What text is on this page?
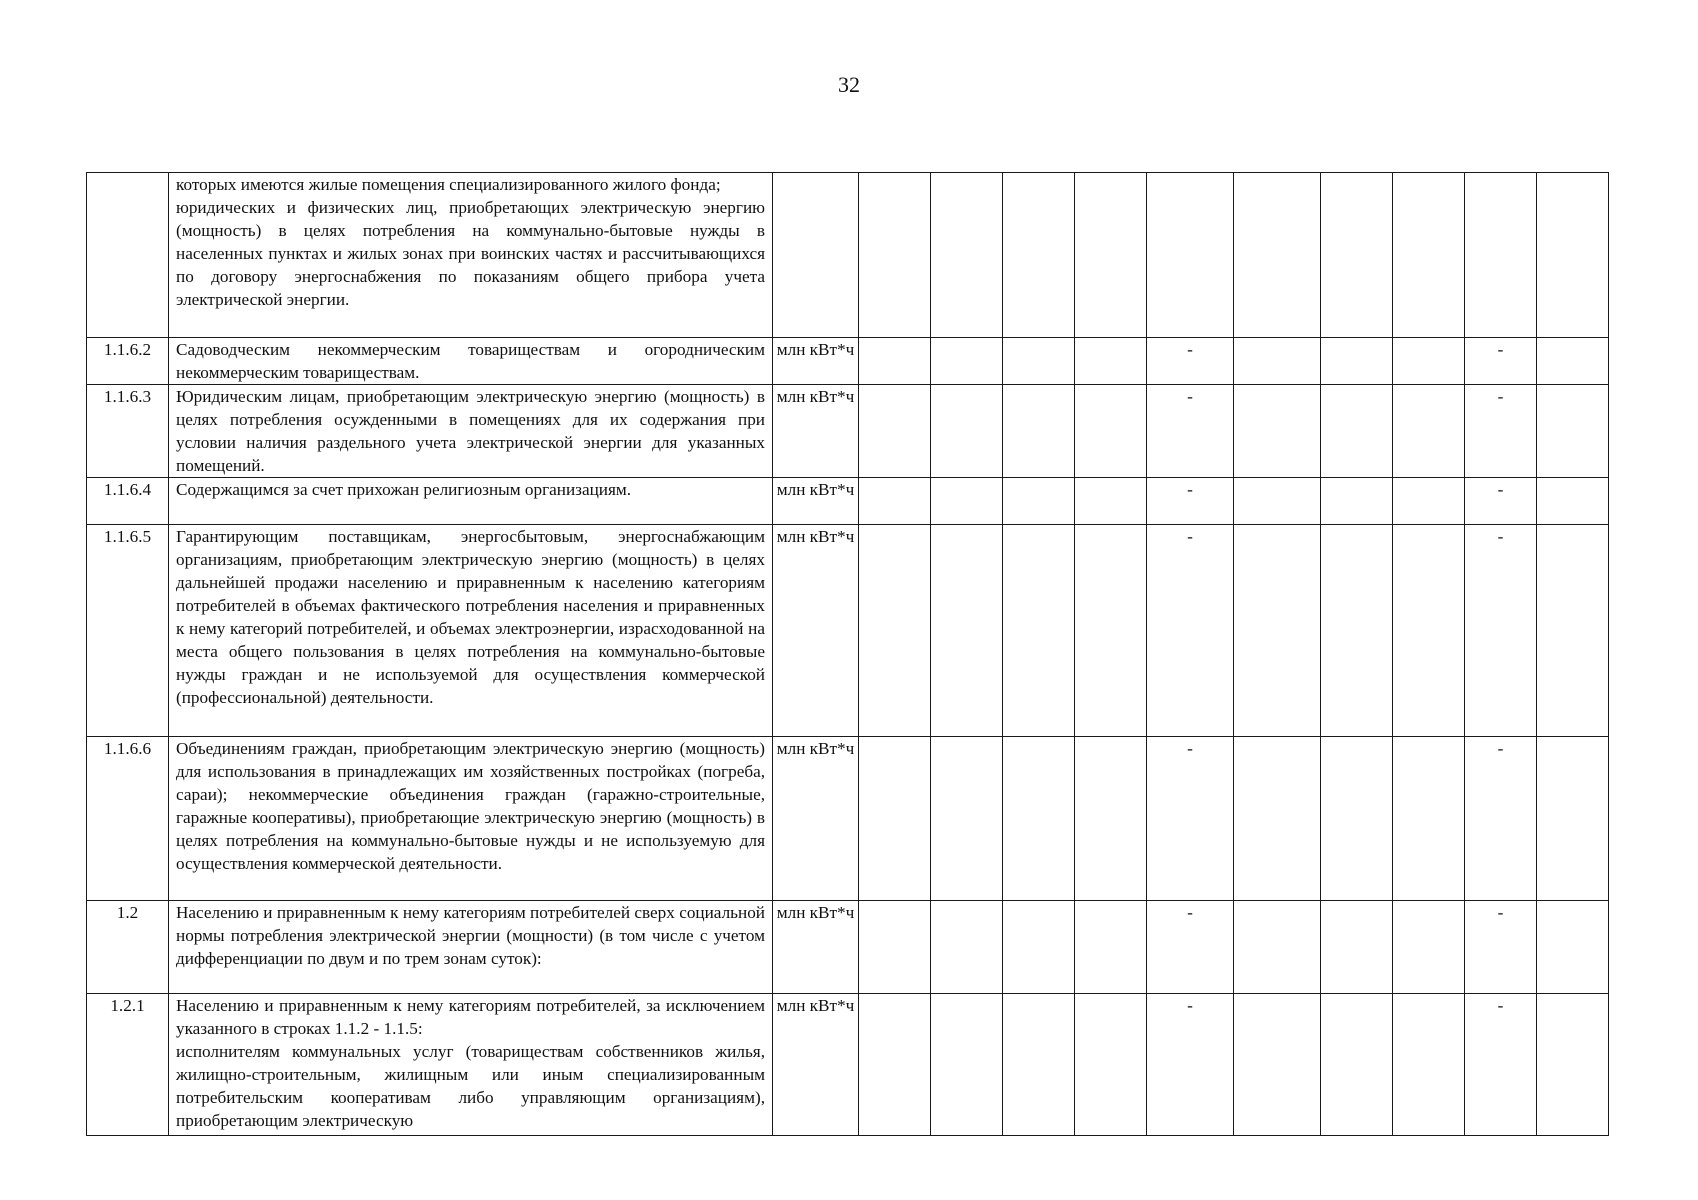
32

	которых имеются жилые помещения специализированного жилого фонда;

юридических и физических лиц, приобретающих электрическую энергию (мощность) в целях потребления на коммунально-бытовые нужды в населенных пунктах и жилых зонах при воинских частях и рассчитывающихся по договору энергоснабжения по показаниям общего прибора учета электрической энергии.											

1.1.6.2	Садоводческим некоммерческим товариществам и огородническим некоммерческим товариществам.	млн кВт*ч					-				-	
1.1.6.3	Юридическим лицам, приобретающим электрическую энергию (мощность) в целях потребления осужденными в помещениях для их содержания при условии наличия раздельного учета электрической энергии для указанных помещений.	млн кВт*ч					-				-	
1.1.6.4	Содержащимся за счет прихожан религиозным организациям.	млн кВт*ч					-				-	
1.1.6.5	Гарантирующим поставщикам, энергосбытовым, энергоснабжающим организациям, приобретающим электрическую энергию (мощность) в целях дальнейшей продажи населению и приравненным к населению категориям потребителей в объемах фактического потребления населения и приравненных к нему категорий потребителей, и объемах электроэнергии, израсходованной на места общего пользования в целях потребления на коммунально-бытовые нужды граждан и не используемой для осуществления коммерческой (профессиональной) деятельности.	млн кВт*ч					-				-	
1.1.6.6	Объединениям граждан, приобретающим электрическую энергию (мощность) для использования в принадлежащих им хозяйственных постройках (погреба, сараи); некоммерческие объединения граждан (гаражно-строительные, гаражные кооперативы), приобретающие электрическую энергию (мощность) в целях потребления на коммунально-бытовые нужды и не используемую для осуществления коммерческой деятельности.	млн кВт*ч					-				-	
1.2	Населению и приравненным к нему категориям потребителей сверх социальной нормы потребления электрической энергии (мощности) (в том числе с учетом дифференциации по двум и по трем зонам суток):	млн кВт*ч					-				-	
1.2.1	Населению и приравненным к нему категориям потребителей, за исключением указанного в строках 1.1.2 - 1.1.5:

исполнителям коммунальных услуг (товариществам собственников жилья, жилищно-строительным, жилищным или иным специализированным потребительским кооперативам либо управляющим организациям), приобретающим электрическую	млн кВт*ч					-				-	
